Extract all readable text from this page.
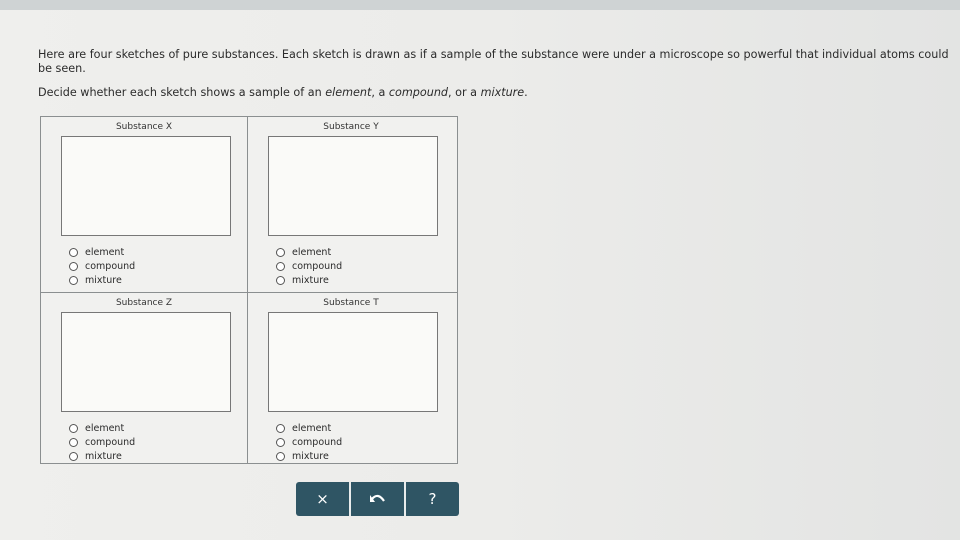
Here are four sketches of pure substances. Each sketch is drawn as if a sample of the substance were under a microscope so powerful that individual atoms could be seen.
Decide whether each sketch shows a sample of an element, a compound, or a mixture.
Substance X
element
compound
mixture
Substance Y
element
compound
mixture
Substance Z
element
compound
mixture
Substance T
element
compound
mixture
×	?
